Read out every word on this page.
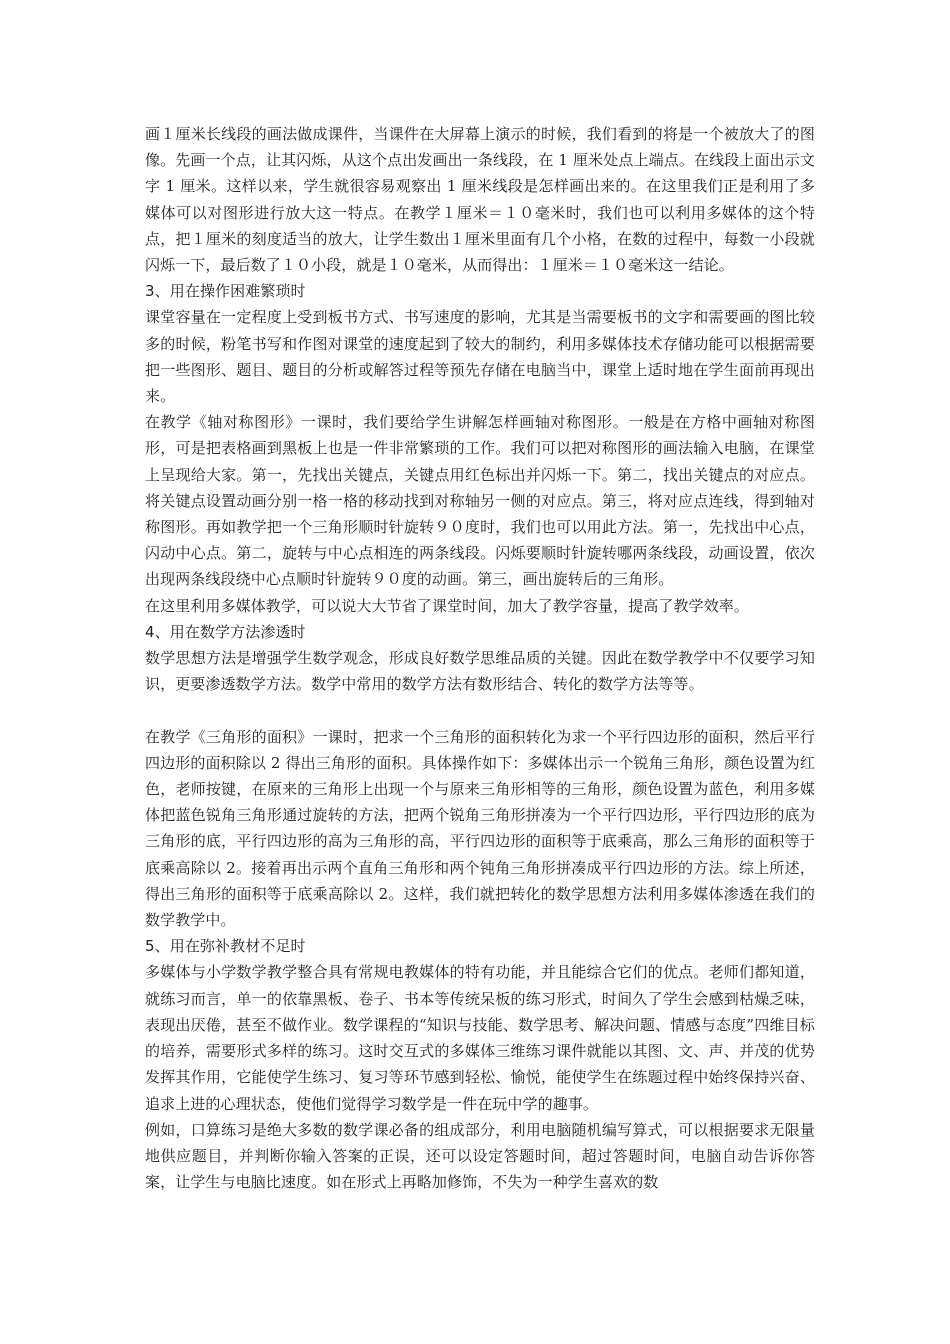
画１厘米长线段的画法做成课件，当课件在大屏幕上演示的时候，我们看到的将是一个被放大了的图像。先画一个点，让其闪烁，从这个点出发画出一条线段，在 1 厘米处点上端点。在线段上面出示文字 1 厘米。这样以来，学生就很容易观察出 1 厘米线段是怎样画出来的。在这里我们正是利用了多媒体可以对图形进行放大这一特点。在教学１厘米＝１０毫米时，我们也可以利用多媒体的这个特点，把１厘米的刻度适当的放大，让学生数出１厘米里面有几个小格，在数的过程中，每数一小段就闪烁一下，最后数了１０小段，就是１０毫米，从而得出：１厘米＝１０毫米这一结论。

3、用在操作困难繁琐时

课堂容量在一定程度上受到板书方式、书写速度的影响，尤其是当需要板书的文字和需要画的图比较多的时候，粉笔书写和作图对课堂的速度起到了较大的制约，利用多媒体技术存储功能可以根据需要把一些图形、题目、题目的分析或解答过程等预先存储在电脑当中，课堂上适时地在学生面前再现出来。

在教学《轴对称图形》一课时，我们要给学生讲解怎样画轴对称图形。一般是在方格中画轴对称图形，可是把表格画到黑板上也是一件非常繁琐的工作。我们可以把对称图形的画法输入电脑，在课堂上呈现给大家。第一，先找出关键点，关键点用红色标出并闪烁一下。第二，找出关键点的对应点。将关键点设置动画分别一格一格的移动找到对称轴另一侧的对应点。第三，将对应点连线，得到轴对称图形。再如教学把一个三角形顺时针旋转９０度时，我们也可以用此方法。第一，先找出中心点，闪动中心点。第二，旋转与中心点相连的两条线段。闪烁要顺时针旋转哪两条线段，动画设置，依次出现两条线段绕中心点顺时针旋转９０度的动画。第三，画出旋转后的三角形。

在这里利用多媒体教学，可以说大大节省了课堂时间，加大了教学容量，提高了教学效率。

4、用在数学方法渗透时

数学思想方法是增强学生数学观念，形成良好数学思维品质的关键。因此在数学教学中不仅要学习知识，更要渗透数学方法。数学中常用的数学方法有数形结合、转化的数学方法等等。

在教学《三角形的面积》一课时，把求一个三角形的面积转化为求一个平行四边形的面积，然后平行四边形的面积除以 2 得出三角形的面积。具体操作如下：多媒体出示一个锐角三角形，颜色设置为红色，老师按键，在原来的三角形上出现一个与原来三角形相等的三角形，颜色设置为蓝色，利用多媒体把蓝色锐角三角形通过旋转的方法，把两个锐角三角形拼凑为一个平行四边形，平行四边形的底为三角形的底，平行四边形的高为三角形的高，平行四边形的面积等于底乘高，那么三角形的面积等于底乘高除以 2。接着再出示两个直角三角形和两个钝角三角形拼凑成平行四边形的方法。综上所述，得出三角形的面积等于底乘高除以 2。这样，我们就把转化的数学思想方法利用多媒体渗透在我们的数学教学中。

5、用在弥补教材不足时

多媒体与小学数学教学整合具有常规电教媒体的特有功能，并且能综合它们的优点。老师们都知道，就练习而言，单一的依靠黑板、卷子、书本等传统呆板的练习形式，时间久了学生会感到枯燥乏味，表现出厌倦，甚至不做作业。数学课程的“知识与技能、数学思考、解决问题、情感与态度”四维目标的培养，需要形式多样的练习。这时交互式的多媒体三维练习课件就能以其图、文、声、并茂的优势发挥其作用，它能使学生练习、复习等环节感到轻松、愉悦，能使学生在练题过程中始终保持兴奋、追求上进的心理状态，使他们觉得学习数学是一件在玩中学的趣事。

例如，口算练习是绝大多数的数学课必备的组成部分，利用电脑随机编写算式，可以根据要求无限量地供应题目，并判断你输入答案的正误，还可以设定答题时间，超过答题时间，电脑自动告诉你答案，让学生与电脑比速度。如在形式上再略加修饰，不失为一种学生喜欢的数
